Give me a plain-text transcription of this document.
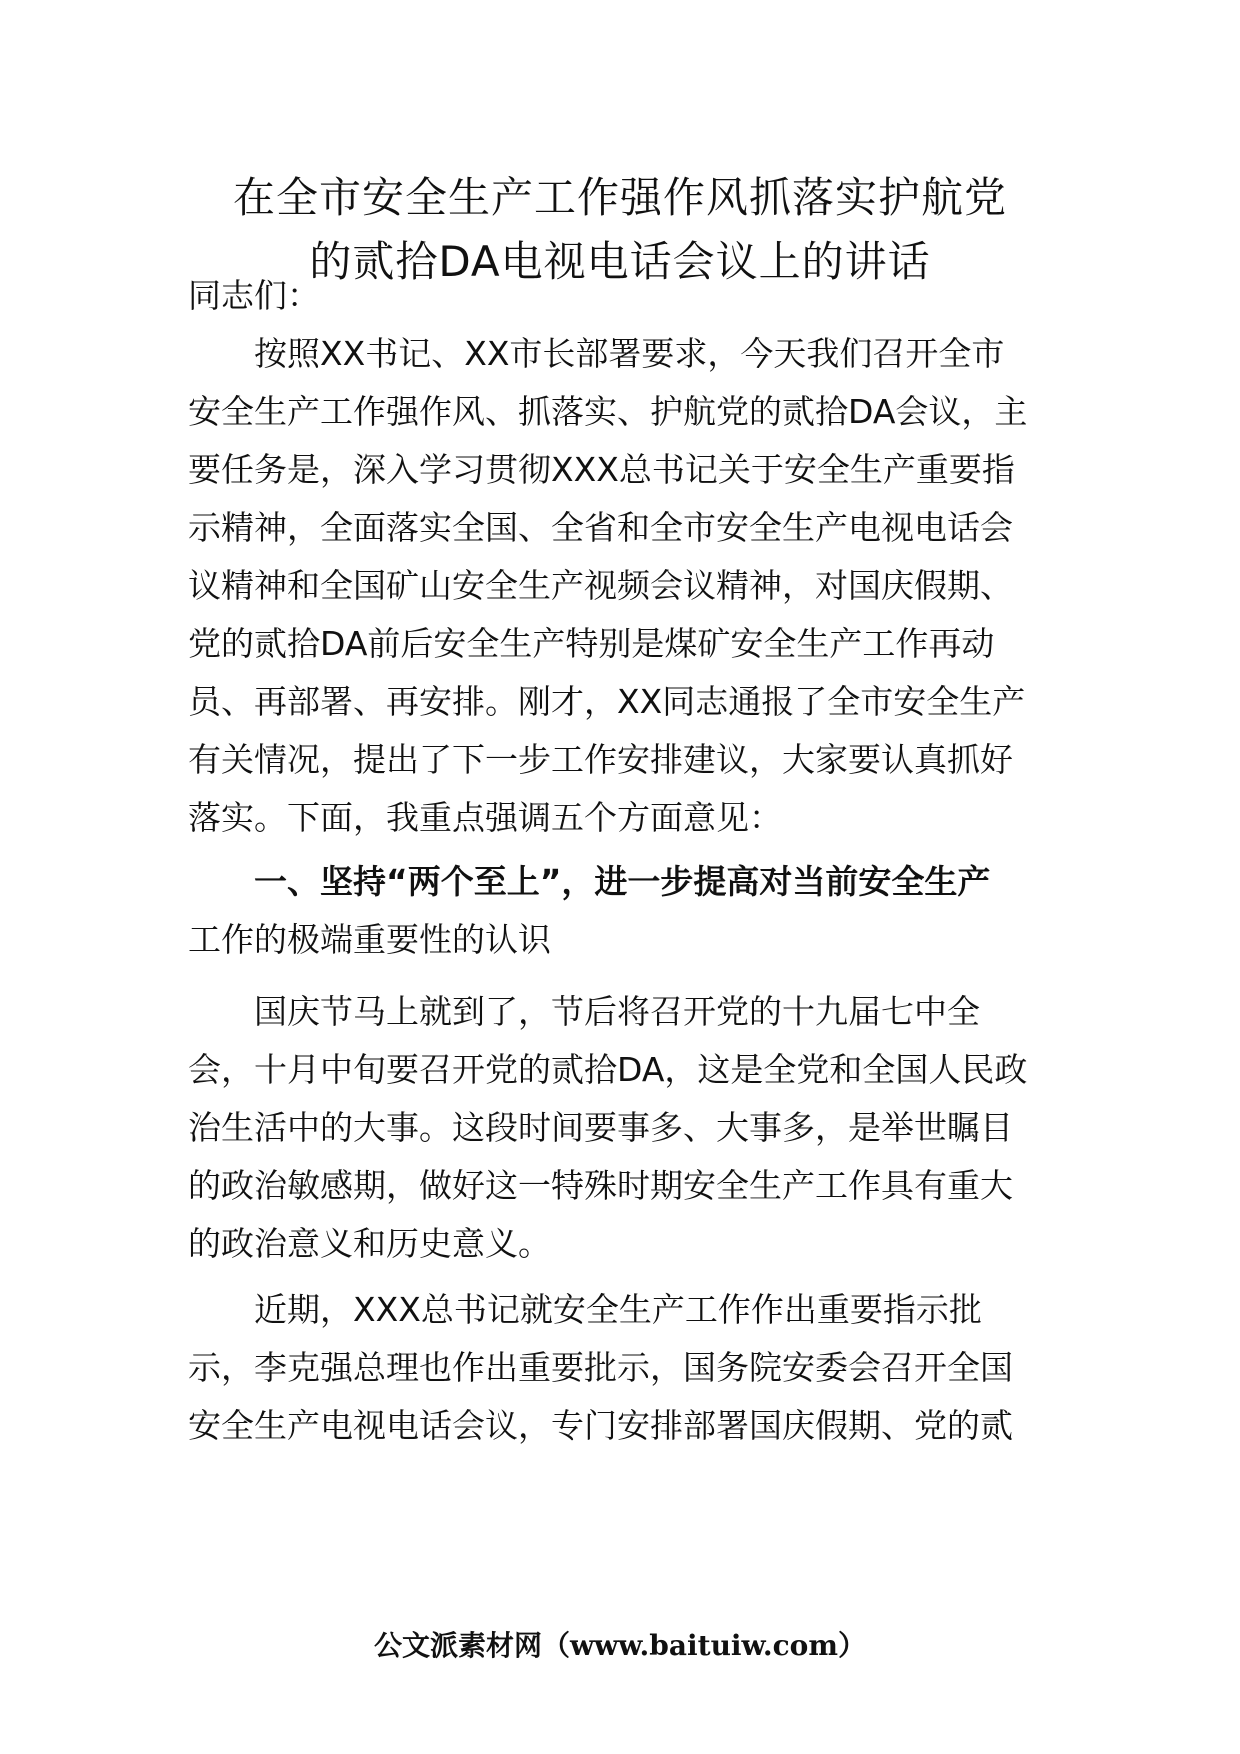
在全市安全生产工作强作风抓落实护航党
的贰拾DA电视电话会议上的讲话
同志们：
按照XX书记、XX市长部署要求，今天我们召开全市
安全生产工作强作风、抓落实、护航党的贰拾DA会议，主
要任务是，深入学习贯彻XXX总书记关于安全生产重要指
示精神，全面落实全国、全省和全市安全生产电视电话会
议精神和全国矿山安全生产视频会议精神，对国庆假期、
党的贰拾DA前后安全生产特别是煤矿安全生产工作再动
员、再部署、再安排。刚才，XX同志通报了全市安全生产
有关情况，提出了下一步工作安排建议，大家要认真抓好
落实。下面，我重点强调五个方面意见：
一、坚持“两个至上”，进一步提高对当前安全生产
工作的极端重要性的认识
国庆节马上就到了，节后将召开党的十九届七中全
会，十月中旬要召开党的贰拾DA，这是全党和全国人民政
治生活中的大事。这段时间要事多、大事多，是举世瞩目
的政治敏感期，做好这一特殊时期安全生产工作具有重大
的政治意义和历史意义。
近期，XXX总书记就安全生产工作作出重要指示批
示，李克强总理也作出重要批示，国务院安委会召开全国
安全生产电视电话会议，专门安排部署国庆假期、党的贰
公文派素材网（www.baituiw.com）
